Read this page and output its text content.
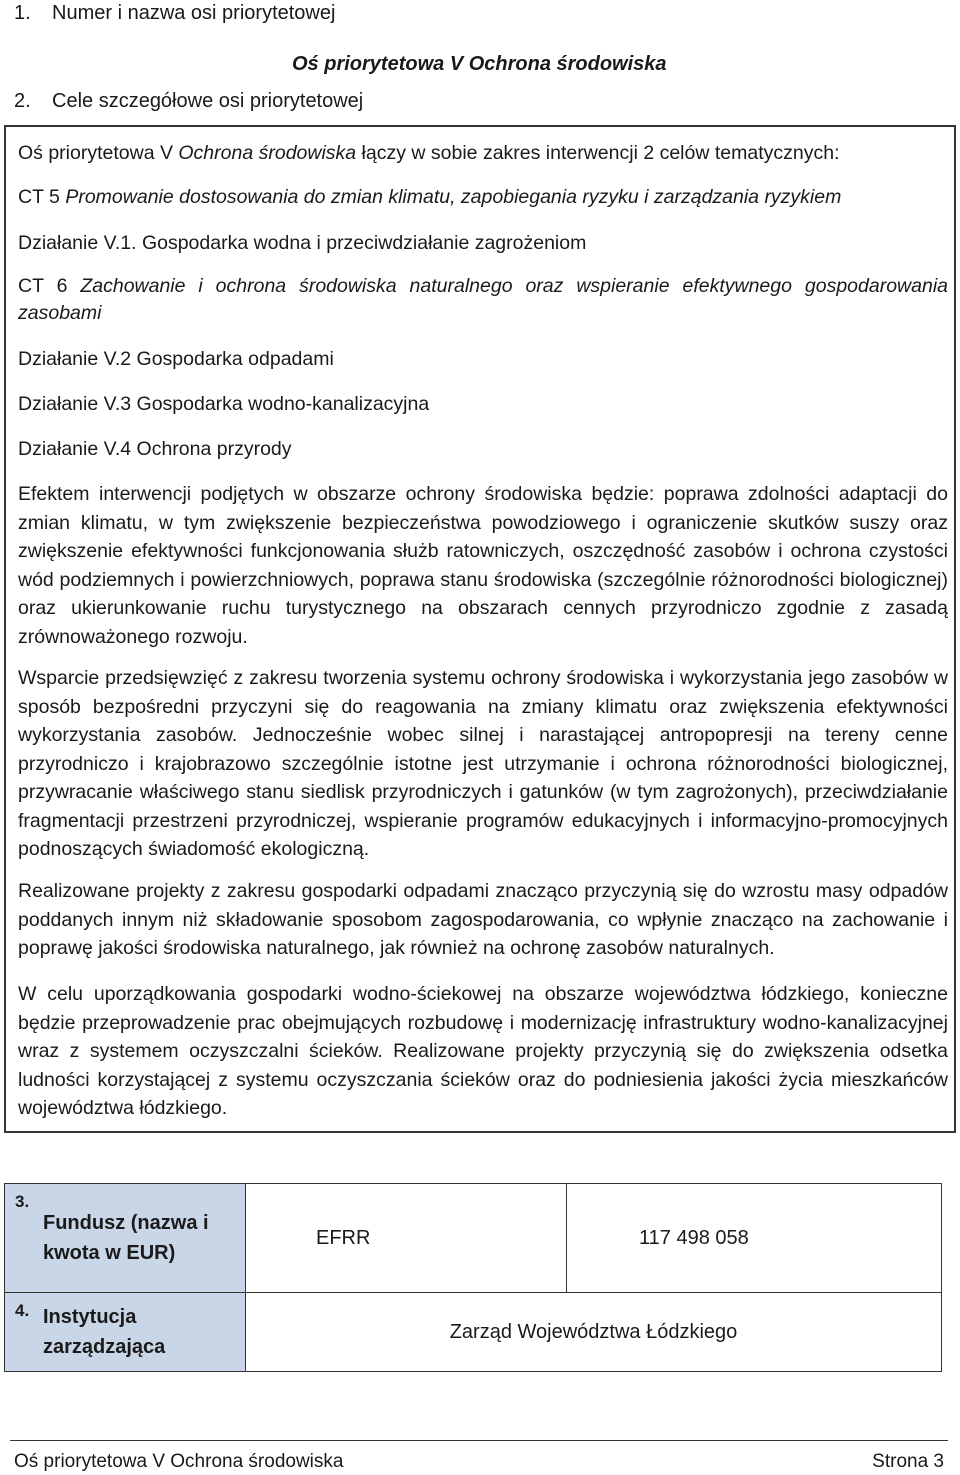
1. Numer i nazwa osi priorytetowej
Oś priorytetowa V Ochrona środowiska
2. Cele szczegółowe osi priorytetowej

Oś priorytetowa V Ochrona środowiska łączy w sobie zakres interwencji 2 celów tematycznych:

CT 5 Promowanie dostosowania do zmian klimatu, zapobiegania ryzyku i zarządzania ryzykiem

Działanie V.1. Gospodarka wodna i przeciwdziałanie zagrożeniom

CT 6 Zachowanie i ochrona środowiska naturalnego oraz wspieranie efektywnego gospodarowania zasobami

Działanie V.2 Gospodarka odpadami

Działanie V.3 Gospodarka wodno-kanalizacyjna

Działanie V.4 Ochrona przyrody

Efektem interwencji podjętych w obszarze ochrony środowiska będzie: poprawa zdolności adaptacji do zmian klimatu, w tym zwiększenie bezpieczeństwa powodziowego i ograniczenie skutków suszy oraz zwiększenie efektywności funkcjonowania służb ratowniczych, oszczędność zasobów i ochrona czystości wód podziemnych i powierzchniowych, poprawa stanu środowiska (szczególnie różnorodności biologicznej) oraz ukierunkowanie ruchu turystycznego na obszarach cennych przyrodniczo zgodnie z zasadą zrównoważonego rozwoju.

Wsparcie przedsięwzięć z zakresu tworzenia systemu ochrony środowiska i wykorzystania jego zasobów w sposób bezpośredni przyczyni się do reagowania na zmiany klimatu oraz zwiększenia efektywności wykorzystania zasobów. Jednocześnie wobec silnej i narastającej antropopresji na tereny cenne przyrodniczo i krajobrazowo szczególnie istotne jest utrzymanie i ochrona różnorodności biologicznej, przywracanie właściwego stanu siedlisk przyrodniczych i gatunków (w tym zagrożonych), przeciwdziałanie fragmentacji przestrzeni przyrodniczej, wspieranie programów edukacyjnych i informacyjno-promocyjnych podnoszących świadomość ekologiczną.

Realizowane projekty z zakresu gospodarki odpadami znacząco przyczynią się do wzrostu masy odpadów poddanych innym niż składowanie sposobom zagospodarowania, co wpłynie znacząco na zachowanie i poprawę jakości środowiska naturalnego, jak również na ochronę zasobów naturalnych.

W celu uporządkowania gospodarki wodno-ściekowej na obszarze województwa łódzkiego, konieczne będzie przeprowadzenie prac obejmujących rozbudowę i modernizację infrastruktury wodno-kanalizacyjnej wraz z systemem oczyszczalni ścieków. Realizowane projekty przyczynią się do zwiększenia odsetka ludności korzystającej z systemu oczyszczania ścieków oraz do podniesienia jakości życia mieszkańców województwa łódzkiego.

3.
Fundusz (nazwa i kwota w EUR)	EFRR	117 498 058

4. Instytucja zarządzająca	Zarząd Województwa Łódzkiego	
Oś priorytetowa V Ochrona środowiska	Strona 3
